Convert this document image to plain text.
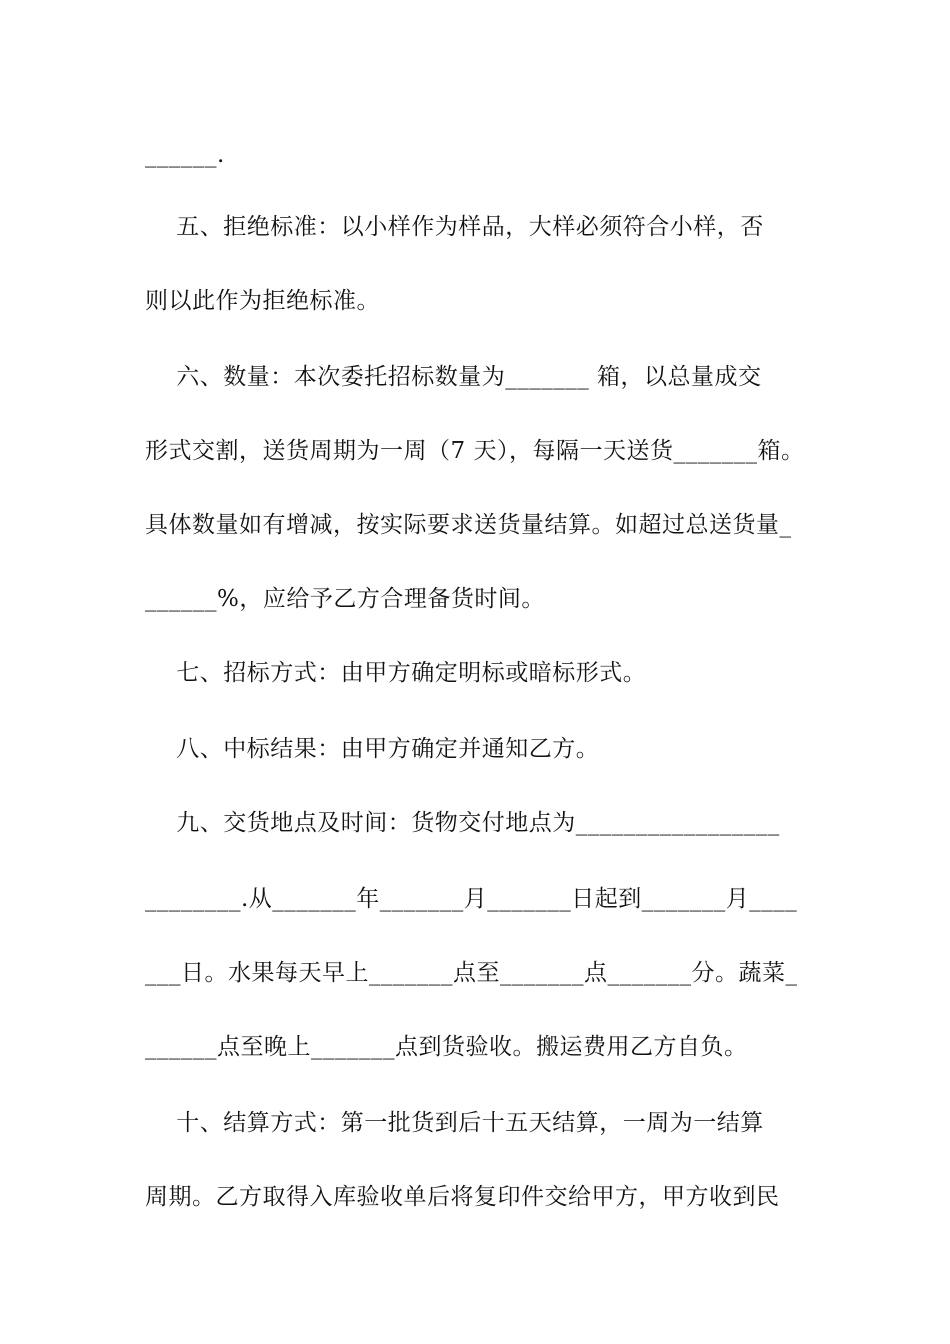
______.
五、拒绝标准：以小样作为样品，大样必须符合小样，否
则以此作为拒绝标准。
六、数量：本次委托招标数量为_______ 箱，以总量成交
形式交割，送货周期为一周（7 天），每隔一天送货_______箱。
具体数量如有增减，按实际要求送货量结算。如超过总送货量_
______%，应给予乙方合理备货时间。
七、招标方式：由甲方确定明标或暗标形式。
八、中标结果：由甲方确定并通知乙方。
九、交货地点及时间：货物交付地点为_________________
________.从_______年_______月_______日起到_______月____
___日。水果每天早上_______点至_______点_______分。蔬菜_
______点至晚上_______点到货验收。搬运费用乙方自负。
十、结算方式：第一批货到后十五天结算，一周为一结算
周期。乙方取得入库验收单后将复印件交给甲方，甲方收到民
